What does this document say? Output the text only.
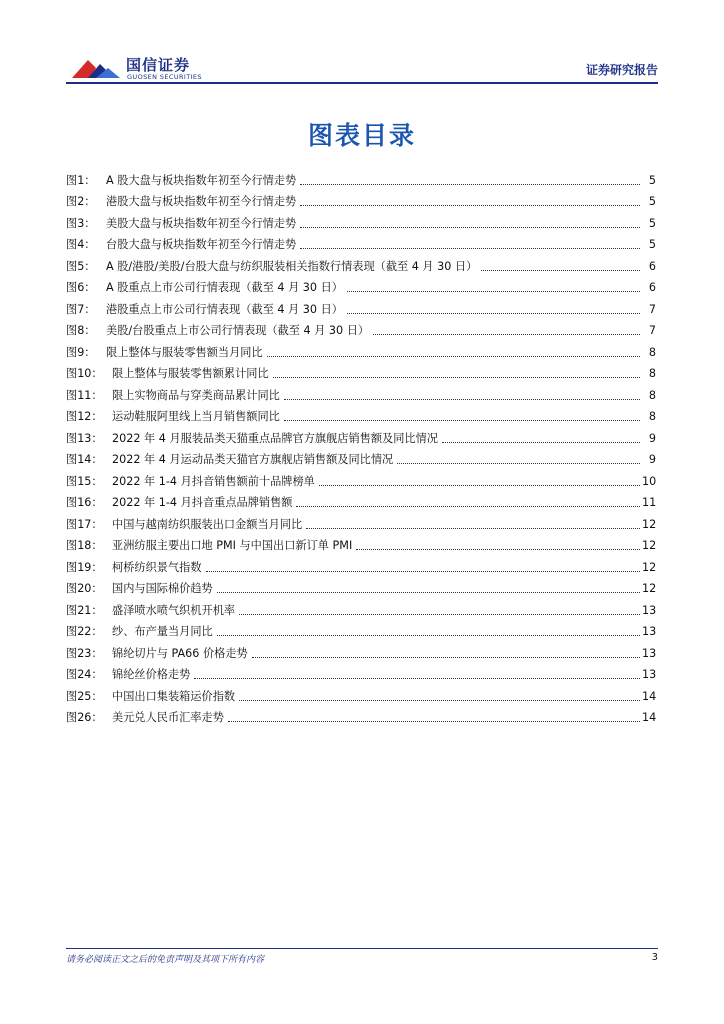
国信证券
GUOSEN SECURITIES	证券研究报告
图表目录
图1： A 股大盘与板块指数年初至今行情走势	5
图2： 港股大盘与板块指数年初至今行情走势	5
图3： 美股大盘与板块指数年初至今行情走势	5
图4： 台股大盘与板块指数年初至今行情走势	5
图5： A 股/港股/美股/台股大盘与纺织服装相关指数行情表现（截至 4 月 30 日）	6
图6： A 股重点上市公司行情表现（截至 4 月 30 日）	6
图7： 港股重点上市公司行情表现（截至 4 月 30 日）	7
图8： 美股/台股重点上市公司行情表现（截至 4 月 30 日）	7
图9： 限上整体与服装零售额当月同比	8
图10： 限上整体与服装零售额累计同比	8
图11： 限上实物商品与穿类商品累计同比	8
图12： 运动鞋服阿里线上当月销售额同比	8
图13： 2022 年 4 月服装品类天猫重点品牌官方旗舰店销售额及同比情况	9
图14： 2022 年 4 月运动品类天猫官方旗舰店销售额及同比情况	9
图15： 2022 年 1-4 月抖音销售额前十品牌榜单	10
图16： 2022 年 1-4 月抖音重点品牌销售额	11
图17： 中国与越南纺织服装出口金额当月同比	12
图18： 亚洲纺服主要出口地 PMI 与中国出口新订单 PMI	12
图19： 柯桥纺织景气指数	12
图20： 国内与国际棉价趋势	12
图21： 盛泽喷水喷气织机开机率	13
图22： 纱、布产量当月同比	13
图23： 锦纶切片与 PA66 价格走势	13
图24： 锦纶丝价格走势	13
图25： 中国出口集装箱运价指数	14
图26： 美元兑人民币汇率走势	14
请务必阅读正文之后的免责声明及其项下所有内容	3
